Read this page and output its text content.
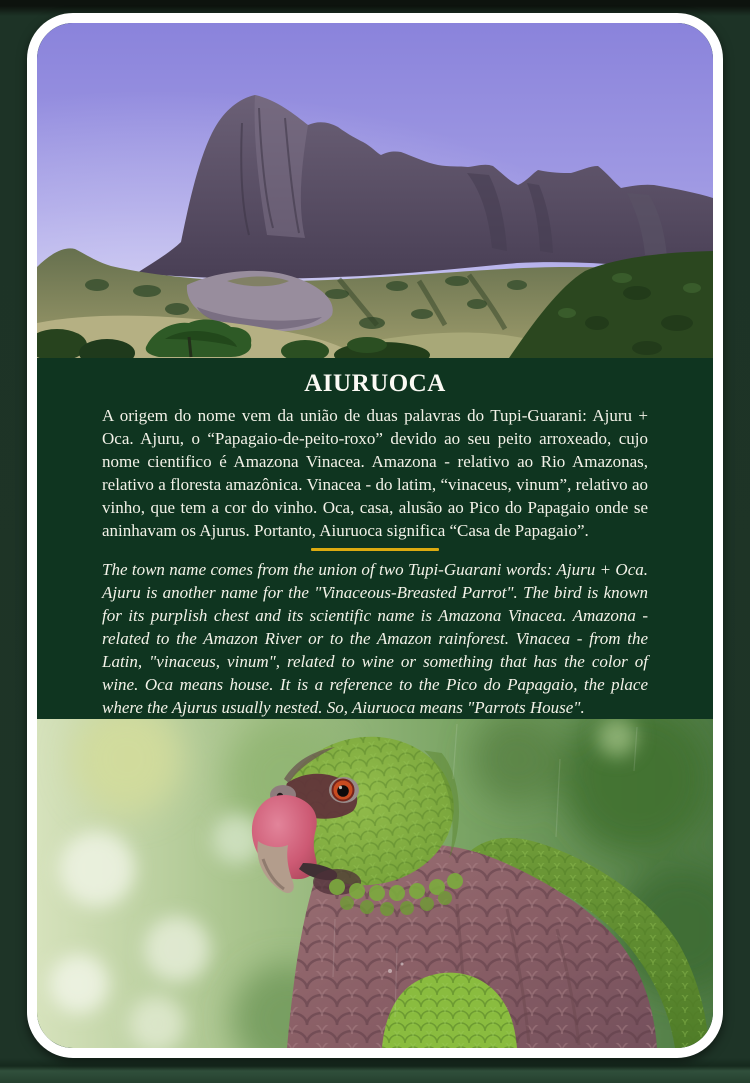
AIURUOCA

A origem do nome vem da união de duas palavras do Tupi-Guarani: Ajuru + Oca. Ajuru, o “Papagaio-de-peito-roxo” devido ao seu peito arroxeado, cujo nome cientifico é Amazona Vinacea. Amazona - relativo ao Rio Amazonas, relativo a floresta amazônica. Vinacea - do latim, “vinaceus, vinum”, relativo ao vinho, que tem a cor do vinho. Oca, casa, alusão ao Pico do Papagaio onde se aninhavam os Ajurus. Portanto, Aiuruoca significa “Casa de Papagaio”.

The town name comes from the union of two Tupi-Guarani words: Ajuru + Oca. Ajuru is another name for the "Vinaceous-Breasted Parrot". The bird is known for its purplish chest and its scientific name is Amazona Vinacea. Amazona - related to the Amazon River or to the Amazon rainforest. Vinacea - from the Latin, "vinaceus, vinum", related to wine or something that has the color of wine. Oca means house. It is a reference to the Pico do Papagaio, the place where the Ajurus usually nested. So, Aiuruoca means "Parrots House".
